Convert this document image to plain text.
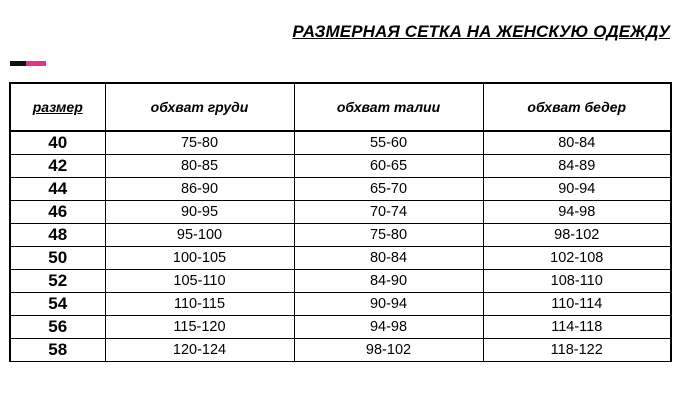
РАЗМЕРНАЯ СЕТКА НА ЖЕНСКУЮ ОДЕЖДУ
размер	обхват груди	обхват талии	обхват бедер
40	75-80	55-60	80-84
42	80-85	60-65	84-89
44	86-90	65-70	90-94
46	90-95	70-74	94-98
48	95-100	75-80	98-102
50	100-105	80-84	102-108
52	105-110	84-90	108-110
54	110-115	90-94	110-114
56	115-120	94-98	114-118
58	120-124	98-102	118-122
